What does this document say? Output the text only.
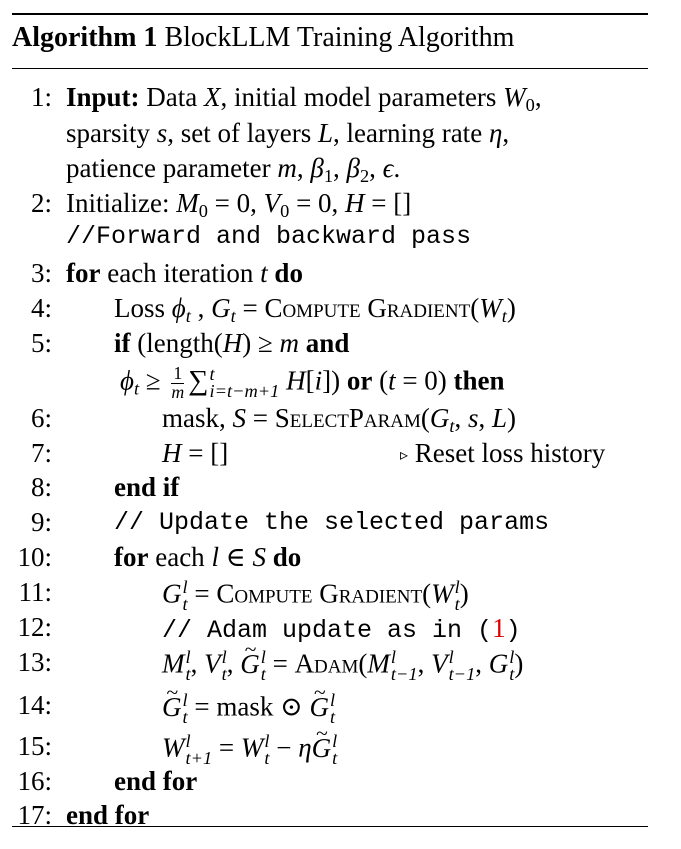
Algorithm 1 BlockLLM Training Algorithm
1 : Input: Data X, initial model parameters $W_0$,
sparsity s, set of layers L, learning rate η,
patience parameter m, $\beta_1$, $\beta_2$, ϵ.
2 : Initialize: $M_0 = 0$, $V_0 = 0$, H = []
//Forward and backward pass
3 : for each iteration t do
4 :	Loss $\phi_t$ , $G_t$ = Compute $Gradient(W_t)$
5 :	if (length(H) ≥ m and
$\phi_t \ge \frac{1}{m}$ ∑ t
i=t−m+1 H[i]) or (t = 0) then
6 :	mask, $S = SelectParam(G_t$, s, L)
7 :	H = []	▹ Reset loss history
8 :	end if
9 :	// Update the selected params
10 :	for each l ∈ S do
11 :	G l
t = Compute Gradient(W l
t )
12 :	// Adam update as in (1)
13 :	M l
t , V l
t , ~ G l
t = Adam(M l
t−1 , V l
t−1 , G l
t )
14 :
~	G l
t = mask ⊙ ~ G l
t
15 :	W l
t+1 = W l
t − η~ G l
t
16 :	end for
17 : end for
